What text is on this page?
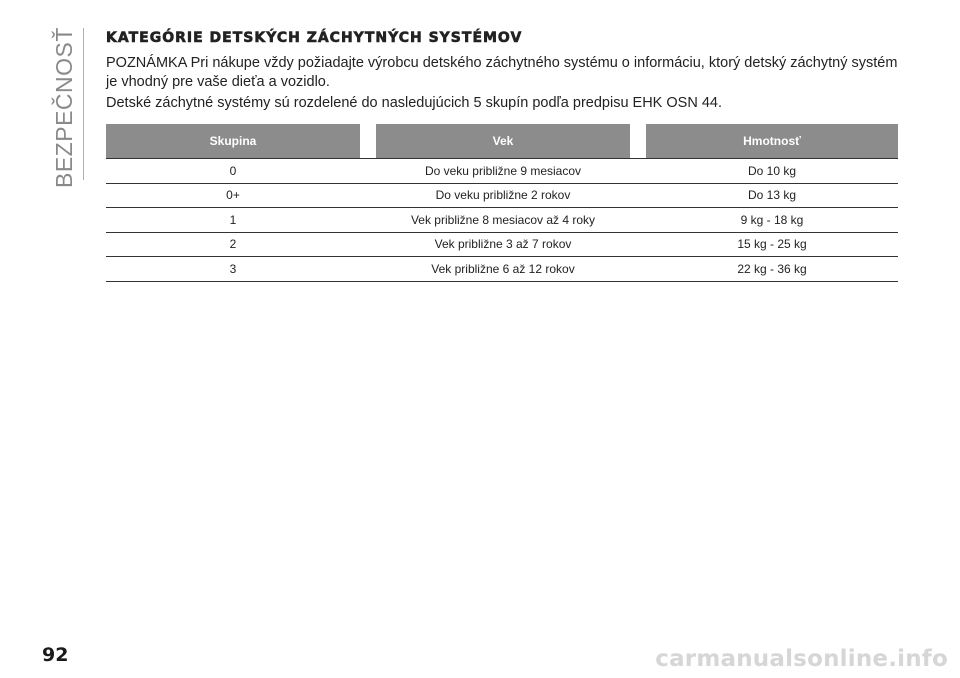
BEZPEČNOSŤ KATEGÓRIE DETSKÝCH ZÁCHYTNÝCH SYSTÉMOV
POZNÁMKA Pri nákupe vždy požiadajte výrobcu detského záchytného systému o informáciu, ktorý detský záchytný systém je vhodný pre vaše dieťa a vozidlo.
Detské záchytné systémy sú rozdelené do nasledujúcich 5 skupín podľa predpisu EHK OSN 44.
Skupina	Vek	Hmotnosť
0	Do veku približne 9 mesiacov	Do 10 kg
0+	Do veku približne 2 rokov	Do 13 kg
1	Vek približne 8 mesiacov až 4 roky	9 kg - 18 kg
2	Vek približne 3 až 7 rokov	15 kg - 25 kg
3	Vek približne 6 až 12 rokov	22 kg - 36 kg
92	carmanualsonline.info
